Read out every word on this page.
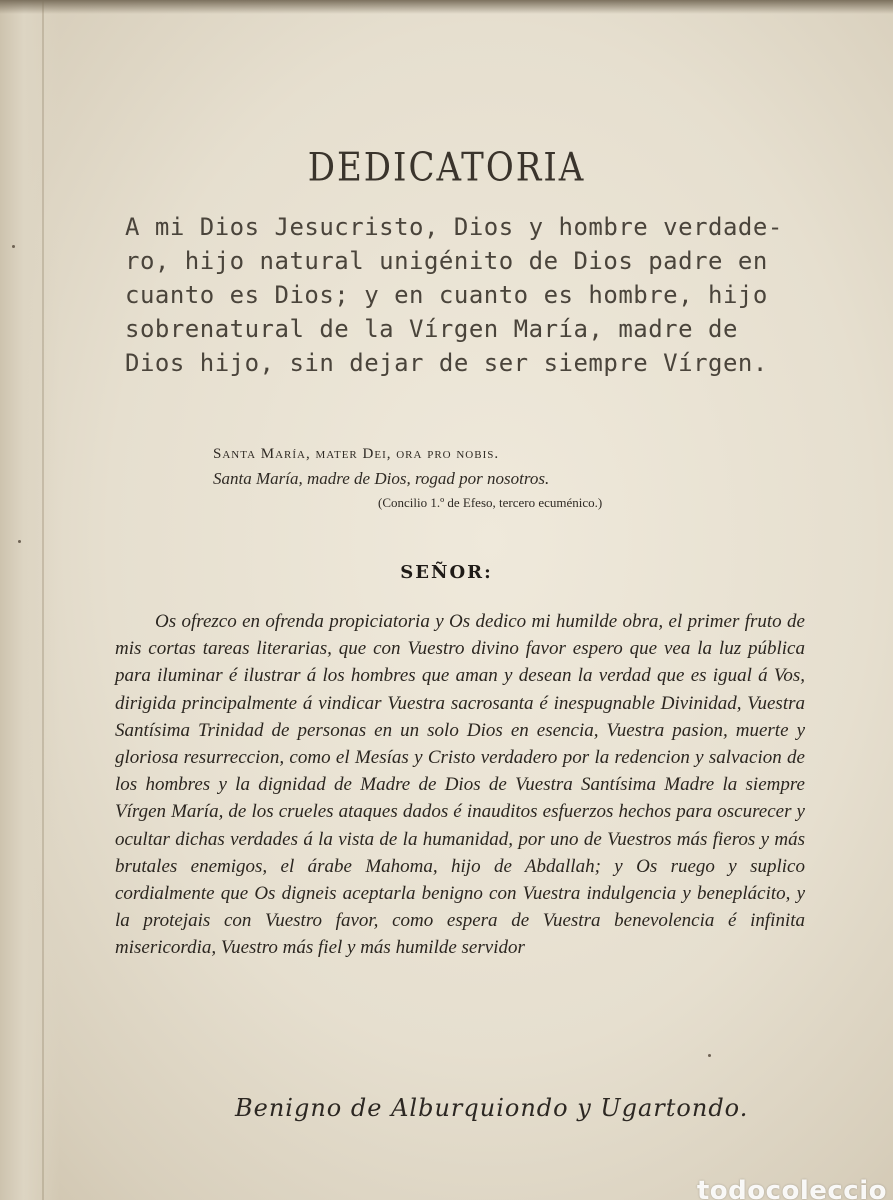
DEDICATORIA
A mi Dios Jesucristo, Dios y hombre verdade-
ro, hijo natural unigénito de Dios padre en
cuanto es Dios; y en cuanto es hombre, hijo
sobrenatural de la Vírgen María, madre de
Dios hijo, sin dejar de ser siempre Vírgen.
Santa María, mater Dei, ora pro nobis.
Santa María, madre de Dios, rogad por nosotros.
(Concilio 1.º de Efeso, tercero ecuménico.)
SEÑOR:

Os ofrezco en ofrenda propiciatoria y Os dedico mi humilde obra, el primer fruto de mis cortas tareas literarias, que con Vuestro divino favor espero que vea la luz pública para iluminar é ilustrar á los hombres que aman y desean la verdad que es igual á Vos, dirigida principalmente á vindicar Vuestra sacrosanta é inespugnable Divinidad, Vuestra Santísima Trinidad de personas en un solo Dios en esencia, Vuestra pasion, muerte y gloriosa resurreccion, como el Mesías y Cristo verdadero por la redencion y salvacion de los hombres y la dignidad de Madre de Dios de Vuestra Santísima Madre la siempre Vírgen María, de los crueles ataques dados é inauditos esfuerzos hechos para oscurecer y ocultar dichas verdades á la vista de la humanidad, por uno de Vuestros más fieros y más brutales enemigos, el árabe Mahoma, hijo de Abdallah; y Os ruego y suplico cordialmente que Os digneis aceptarla benigno con Vuestra indulgencia y beneplácito, y la protejais con Vuestro favor, como espera de Vuestra benevolencia é infinita misericordia, Vuestro más fiel y más humilde servidor

Benigno de Alburquiondo y Ugartondo.
todocoleccio
